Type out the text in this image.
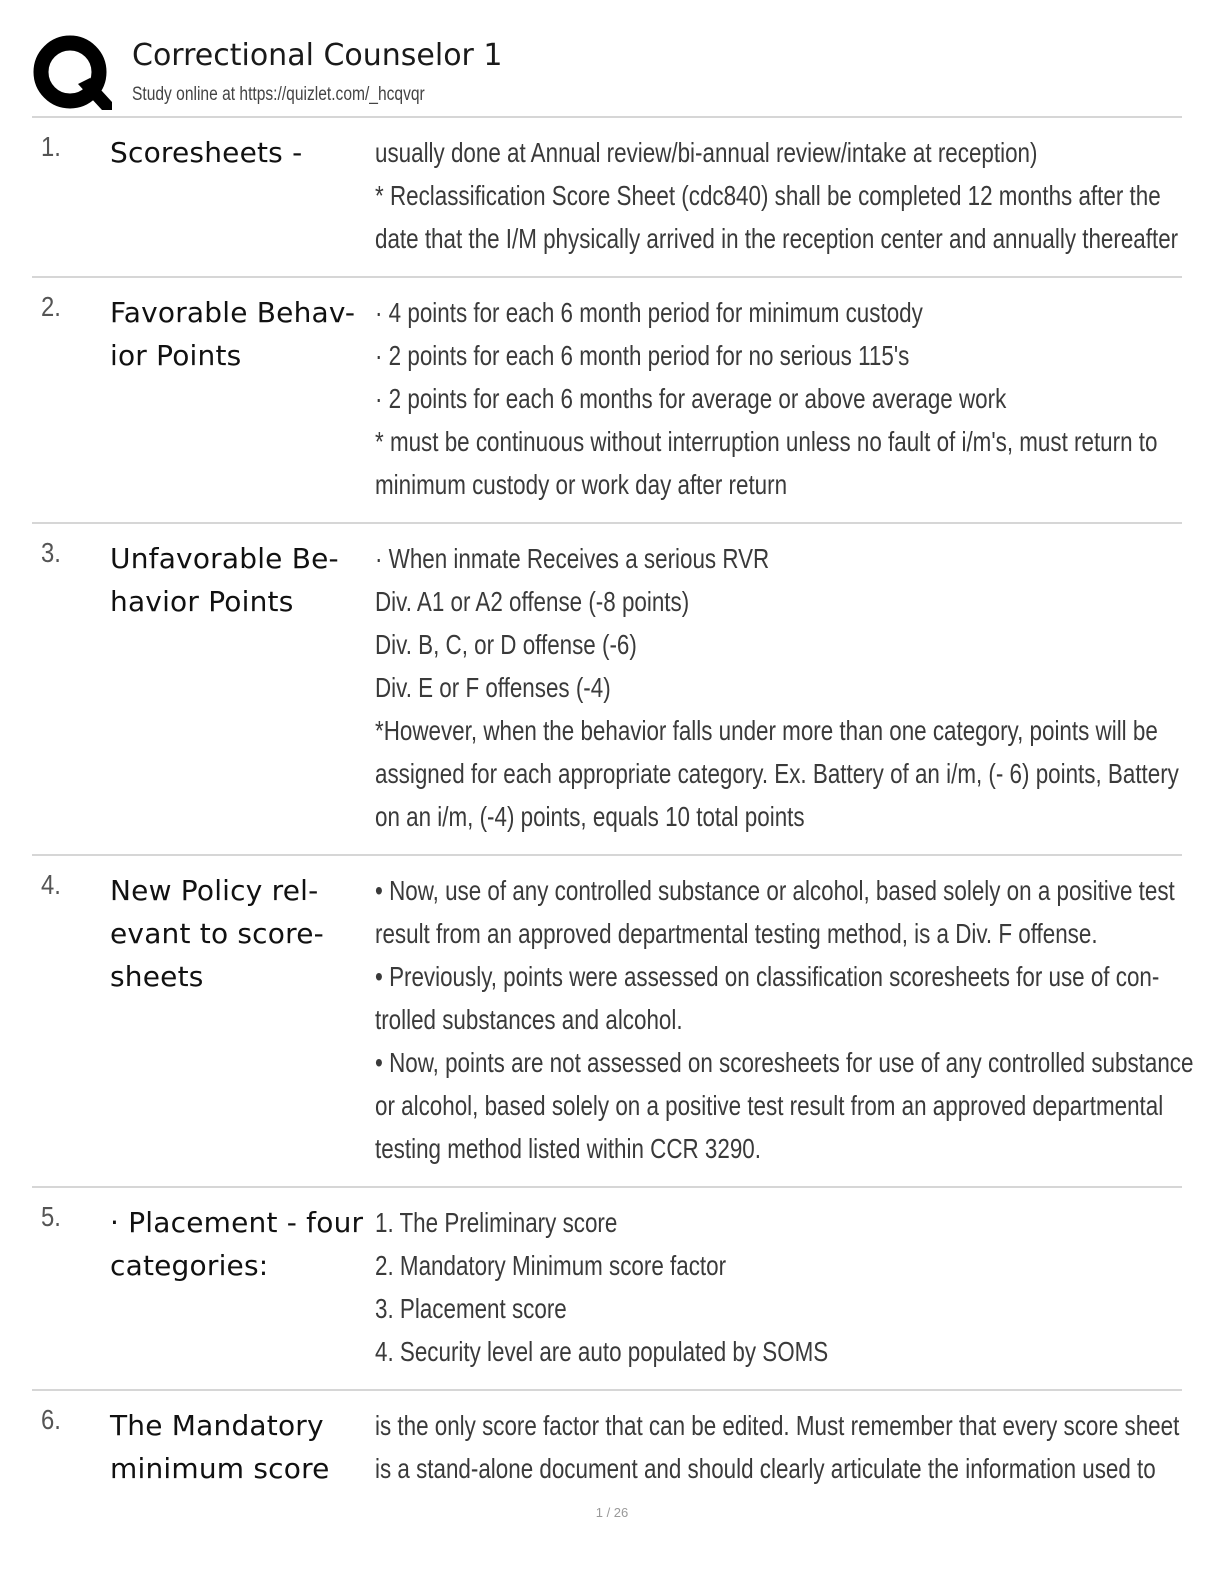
Correctional Counselor 1
Study online at https://quizlet.com/_hcqvqr
1. Scoresheets -	usually done at Annual review/bi-annual review/intake at reception)
* Reclassification Score Sheet (cdc840) shall be completed 12 months after the
date that the I/M physically arrived in the reception center and annually thereafter
2. Favorable Behav-
ior Points
· 4 points for each 6 month period for minimum custody
· 2 points for each 6 month period for no serious 115's
· 2 points for each 6 months for average or above average work
* must be continuous without interruption unless no fault of i/m's, must return to
minimum custody or work day after return
3. Unfavorable Be-
havior Points
· When inmate Receives a serious RVR
Div. A1 or A2 offense (-8 points)
Div. B, C, or D offense (-6)
Div. E or F offenses (-4)
*However, when the behavior falls under more than one category, points will be
assigned for each appropriate category. Ex. Battery of an i/m, (- 6) points, Battery
on an i/m, (-4) points, equals 10 total points
4. New Policy rel-
evant to score-
sheets
• Now, use of any controlled substance or alcohol, based solely on a positive test
result from an approved departmental testing method, is a Div. F offense.
• Previously, points were assessed on classification scoresheets for use of con-
trolled substances and alcohol.
• Now, points are not assessed on scoresheets for use of any controlled substance
or alcohol, based solely on a positive test result from an approved departmental
testing method listed within CCR 3290.
5. · Placement - four
categories:
1. The Preliminary score
2. Mandatory Minimum score factor
3. Placement score
4. Security level are auto populated by SOMS
6. The Mandatory
minimum score
is the only score factor that can be edited. Must remember that every score sheet
is a stand-alone document and should clearly articulate the information used to
1 / 26
